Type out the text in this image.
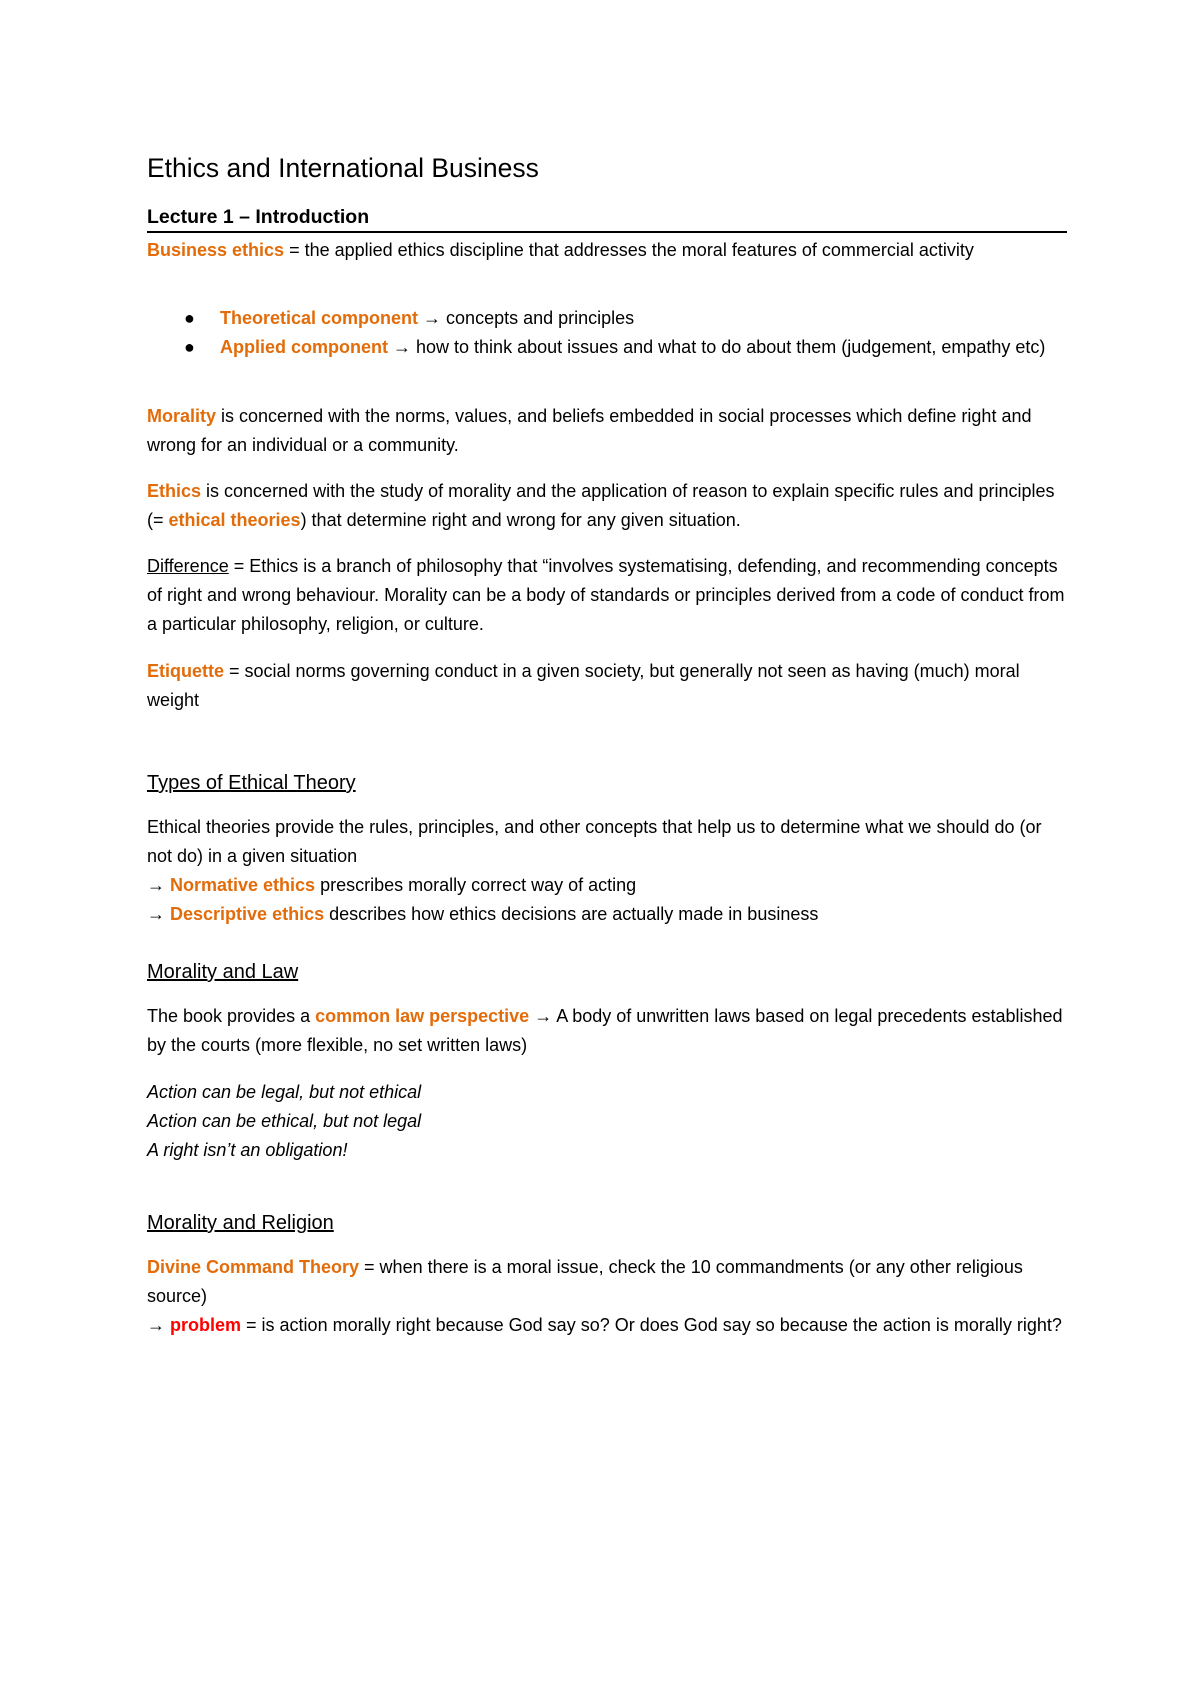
Ethics and International Business
Lecture 1 – Introduction

Business ethics = the applied ethics discipline that addresses the moral features of commercial activity

● Theoretical component → concepts and principles
● Applied component → how to think about issues and what to do about them (judgement, empathy etc)

Morality is concerned with the norms, values, and beliefs embedded in social processes which define right and wrong for an individual or a community.

Ethics is concerned with the study of morality and the application of reason to explain specific rules and principles (= ethical theories) that determine right and wrong for any given situation.

Difference = Ethics is a branch of philosophy that “involves systematising, defending, and recommending concepts of right and wrong behaviour. Morality can be a body of standards or principles derived from a code of conduct from a particular philosophy, religion, or culture.

Etiquette = social norms governing conduct in a given society, but generally not seen as having (much) moral weight

Types of Ethical Theory

Ethical theories provide the rules, principles, and other concepts that help us to determine what we should do (or not do) in a given situation

→ Normative ethics prescribes morally correct way of acting

→ Descriptive ethics describes how ethics decisions are actually made in business

Morality and Law

The book provides a common law perspective → A body of unwritten laws based on legal precedents established by the courts (more flexible, no set written laws)

Action can be legal, but not ethical

Action can be ethical, but not legal

A right isn’t an obligation!

Morality and Religion

Divine Command Theory = when there is a moral issue, check the 10 commandments (or any other religious source)

→ problem = is action morally right because God say so? Or does God say so because the action is morally right?
